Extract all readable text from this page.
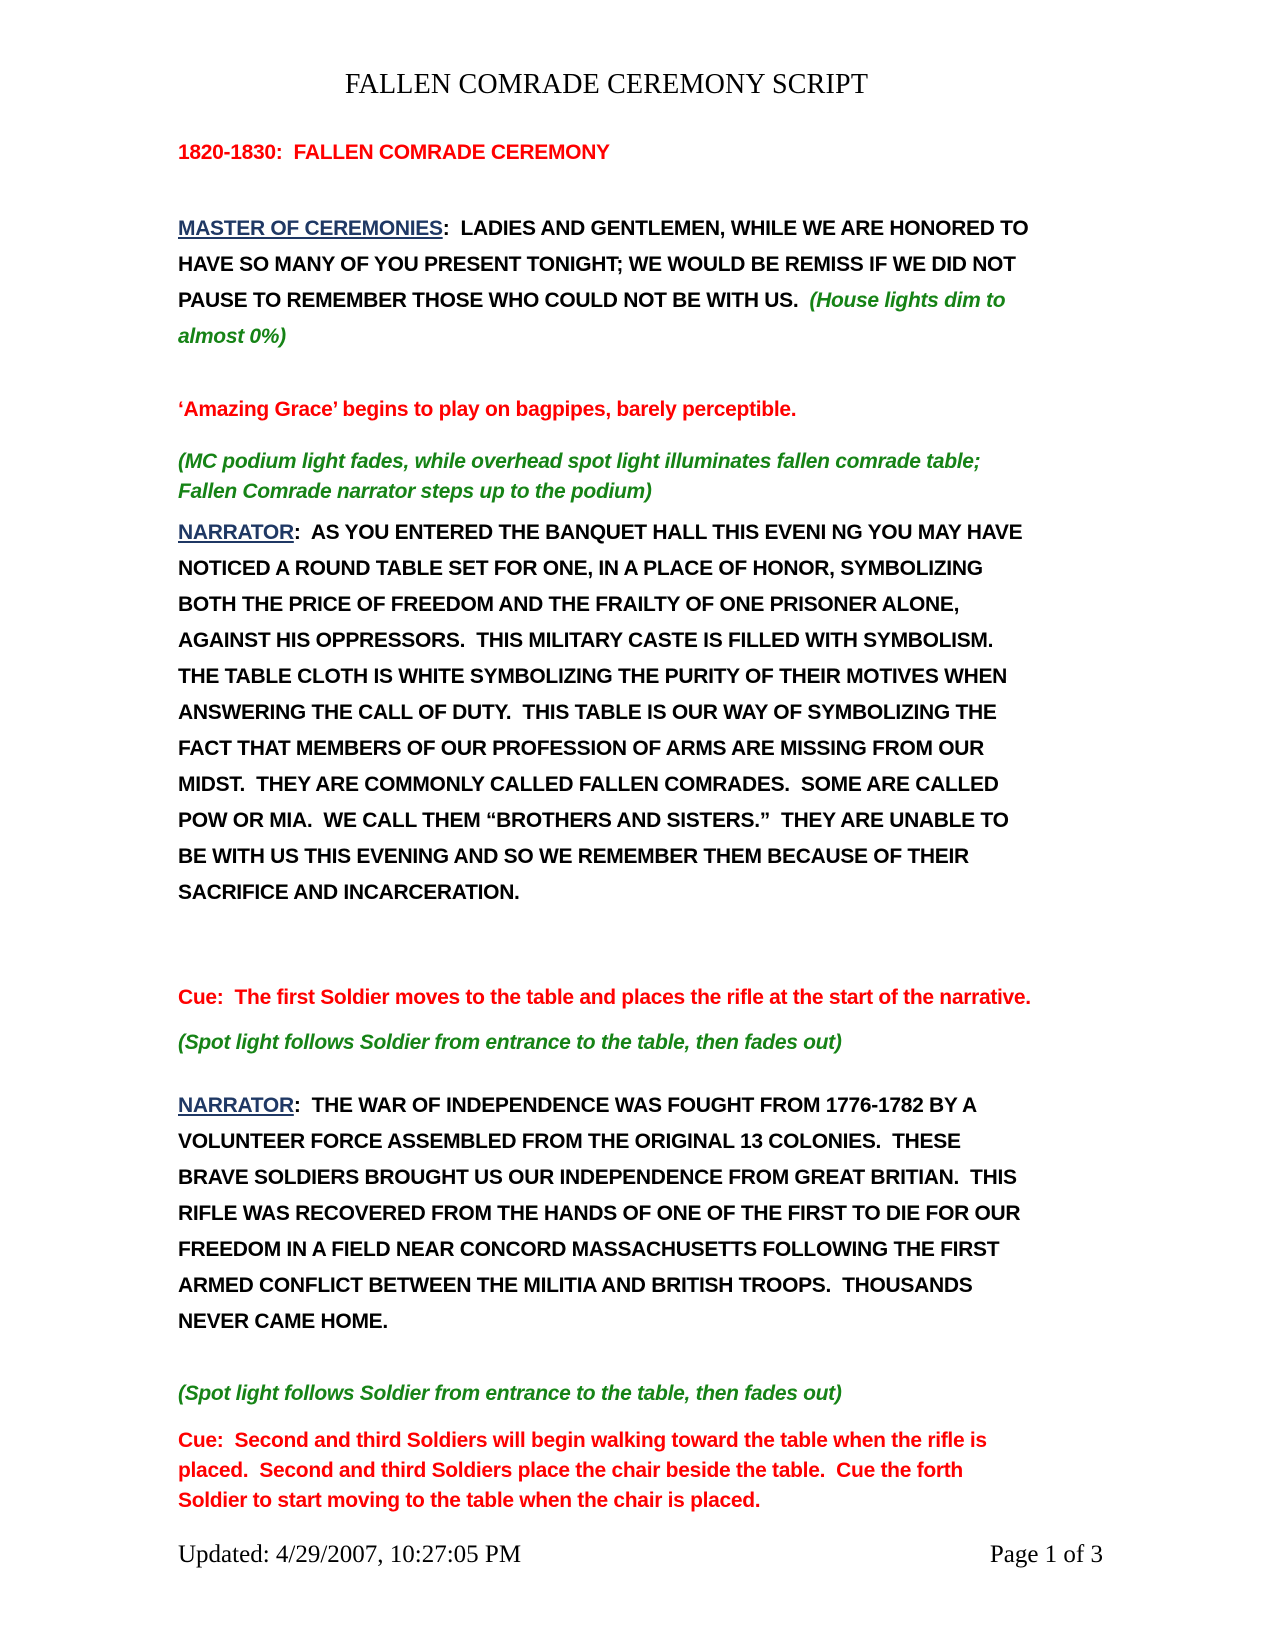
FALLEN COMRADE CEREMONY SCRIPT

1820-1830:  FALLEN COMRADE CEREMONY

MASTER OF CEREMONIES:  LADIES AND GENTLEMEN, WHILE WE ARE HONORED TO HAVE SO MANY OF YOU PRESENT TONIGHT; WE WOULD BE REMISS IF WE DID NOT PAUSE TO REMEMBER THOSE WHO COULD NOT BE WITH US.  (House lights dim to almost 0%)

‘Amazing Grace’ begins to play on bagpipes, barely perceptible.

(MC podium light fades, while overhead spot light illuminates fallen comrade table;  Fallen Comrade narrator steps up to the podium)

NARRATOR:  AS YOU ENTERED THE BANQUET HALL THIS EVENI NG YOU MAY HAVE NOTICED A ROUND TABLE SET FOR ONE, IN A PLACE OF HONOR, SYMBOLIZING BOTH THE PRICE OF FREEDOM AND THE FRAILTY OF ONE PRISONER ALONE, AGAINST HIS OPPRESSORS.  THIS MILITARY CASTE IS FILLED WITH SYMBOLISM.  THE TABLE CLOTH IS WHITE SYMBOLIZING THE PURITY OF THEIR MOTIVES WHEN ANSWERING THE CALL OF DUTY.  THIS TABLE IS OUR WAY OF SYMBOLIZING THE FACT THAT MEMBERS OF OUR PROFESSION OF ARMS ARE MISSING FROM OUR MIDST.  THEY ARE COMMONLY CALLED FALLEN COMRADES.  SOME ARE CALLED POW OR MIA.  WE CALL THEM “BROTHERS AND SISTERS.”  THEY ARE UNABLE TO BE WITH US THIS EVENING AND SO WE REMEMBER THEM BECAUSE OF THEIR SACRIFICE AND INCARCERATION.

Cue:  The first Soldier moves to the table and places the rifle at the start of the narrative.

(Spot light follows Soldier from entrance to the table, then fades out)

NARRATOR:  THE WAR OF INDEPENDENCE WAS FOUGHT FROM 1776-1782 BY A VOLUNTEER FORCE ASSEMBLED FROM THE ORIGINAL 13 COLONIES.  THESE BRAVE SOLDIERS BROUGHT US OUR INDEPENDENCE FROM GREAT BRITIAN.  THIS RIFLE WAS RECOVERED FROM THE HANDS OF ONE OF THE FIRST TO DIE FOR OUR FREEDOM IN A FIELD NEAR CONCORD MASSACHUSETTS FOLLOWING THE FIRST ARMED CONFLICT BETWEEN THE MILITIA AND BRITISH TROOPS.  THOUSANDS NEVER CAME HOME.

(Spot light follows Soldier from entrance to the table, then fades out)

Cue:  Second and third Soldiers will begin walking toward the table when the rifle is placed.  Second and third Soldiers place the chair beside the table.  Cue the forth Soldier to start moving to the table when the chair is placed.

Updated: 4/29/2007, 10:27:05 PM	Page 1 of 3
